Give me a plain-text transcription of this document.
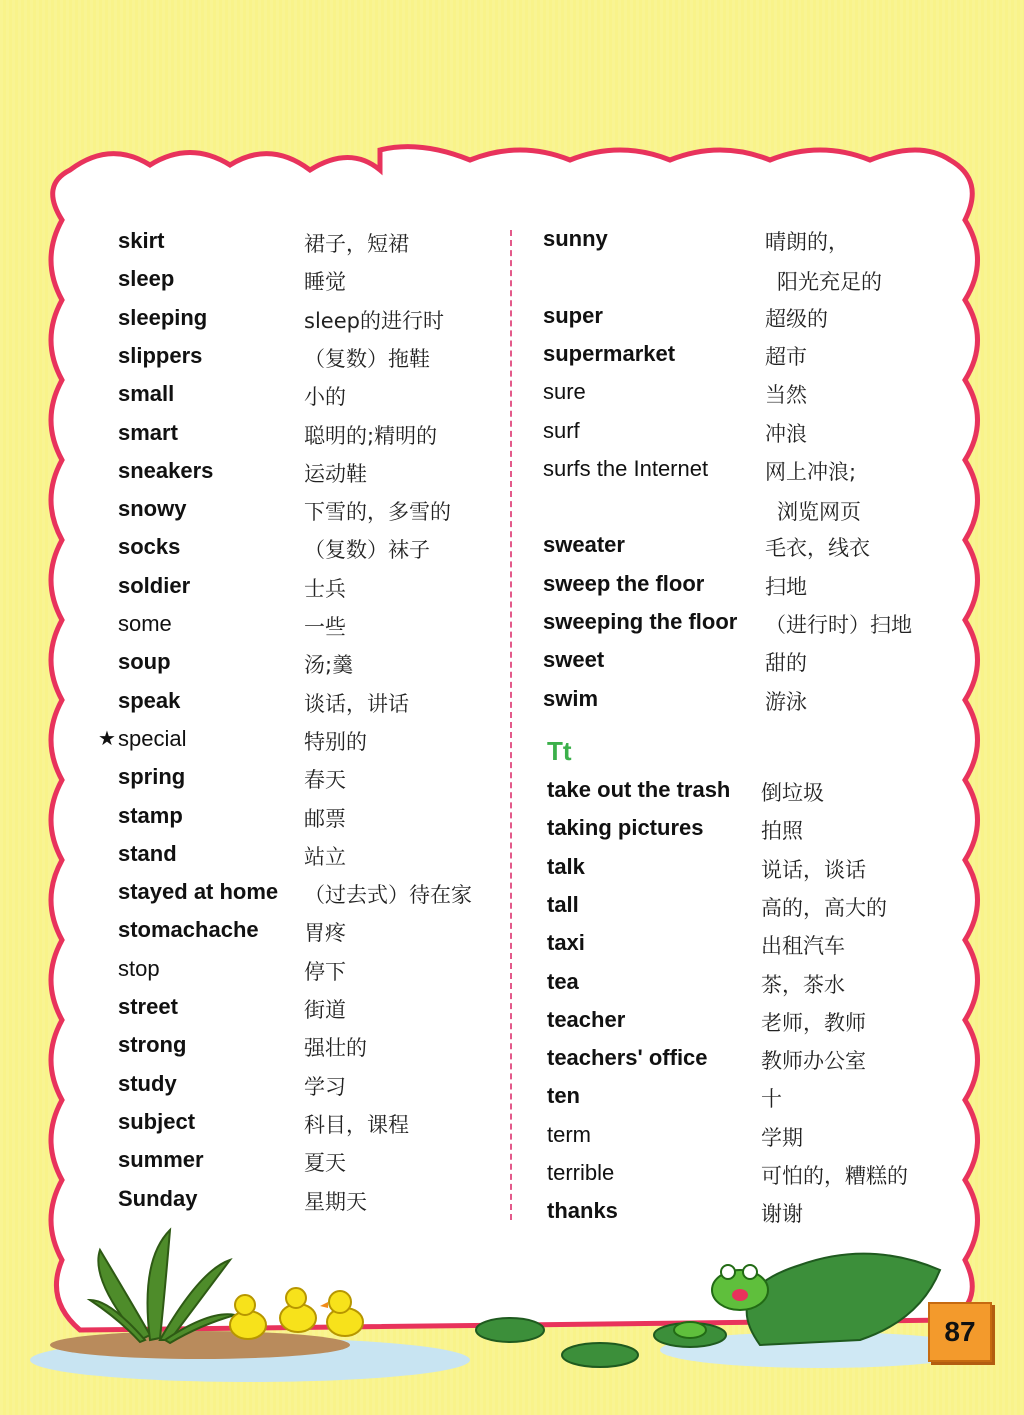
skirt	裙子，短裙
sleep	睡觉
sleeping	sleep的进行时
slippers	（复数）拖鞋
small	小的
smart	聪明的;精明的
sneakers	运动鞋
snowy	下雪的，多雪的
socks	（复数）袜子
soldier	士兵
some	一些
soup	汤;羹
speak	谈话，讲话
★ special	特别的
spring	春天
stamp	邮票
stand	站立
stayed at home （过去式）待在家
stomachache 胃疼
stop	停下
street	街道
strong	强壮的
study	学习
subject	科目，课程
summer	夏天
Sunday	星期天
sunny	晴朗的，
阳光充足的
super	超级的
supermarket	超市
sure	当然
surf	冲浪
surfs the Internet	网上冲浪;
浏览网页
sweater	毛衣，线衣
sweep the floor	扫地
sweeping the floor （进行时）扫地
sweet	甜的
swim	游泳
Tt
take out the trash 倒垃圾
taking pictures	拍照
talk	说话，谈话
tall	高的，高大的
taxi	出租汽车
tea	茶，茶水
teacher	老师，教师
teachers' office	教师办公室
ten	十
term	学期
terrible	可怕的，糟糕的
thanks	谢谢
87
